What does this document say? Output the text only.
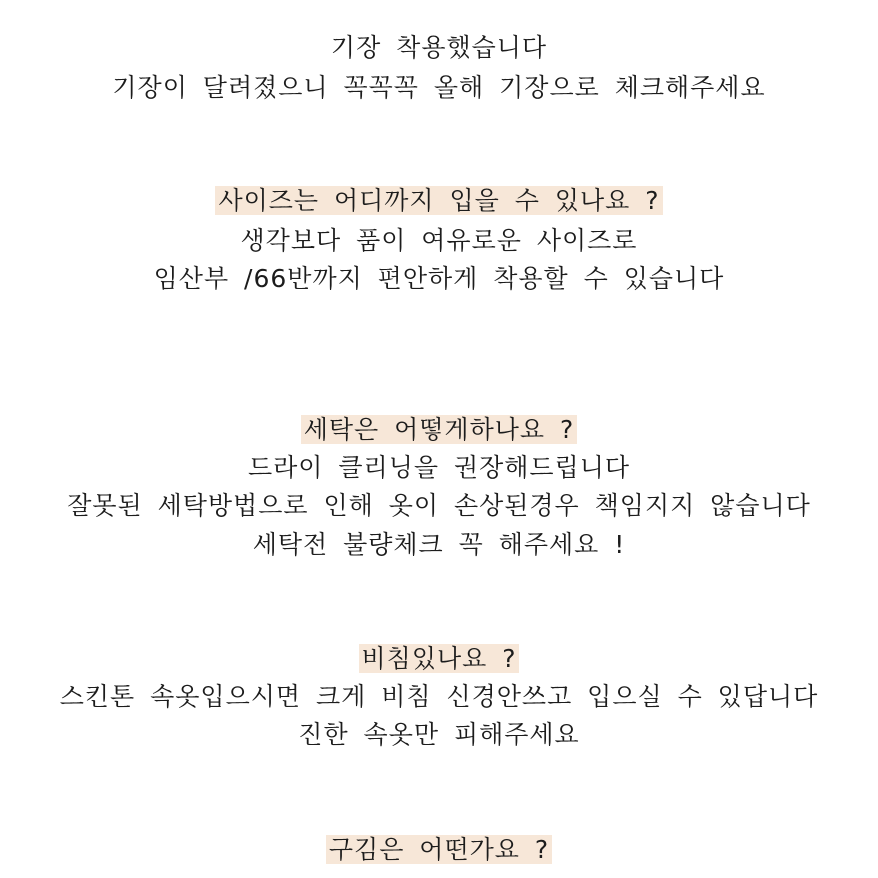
기장 착용했습니다
기장이 달려졌으니 꼭꼭꼭 올해 기장으로 체크해주세요
사이즈는 어디까지 입을 수 있나요 ?
생각보다 품이 여유로운 사이즈로
임산부 /66반까지 편안하게 착용할 수 있습니다
세탁은 어떻게하나요 ?
드라이 클리닝을 권장해드립니다
잘못된 세탁방법으로 인해 옷이 손상된경우 책임지지 않습니다
세탁전 불량체크 꼭 해주세요 !
비침있나요 ?
스킨톤 속옷입으시면 크게 비침 신경안쓰고 입으실 수 있답니다
진한 속옷만 피해주세요
구김은 어떤가요 ?
